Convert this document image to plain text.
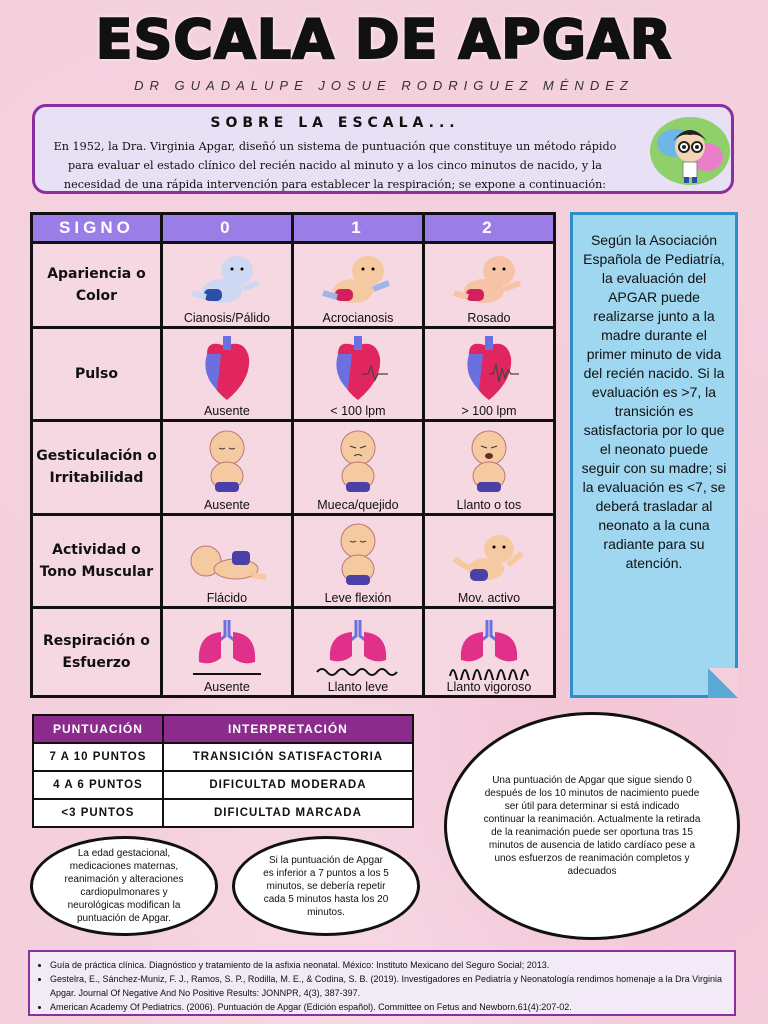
ESCALA DE APGAR
DR GUADALUPE JOSUE RODRIGUEZ MÉNDEZ
SOBRE LA ESCALA...

En 1952, la Dra. Virginia Apgar, diseñó un sistema de puntuación que constituye un método rápido para evaluar el estado clínico del recién nacido al minuto y a los cinco minutos de nacido, y la necesidad de una rápida intervención para establecer la respiración; se expone a continuación:

SIGNO	0	1	2
Apariencia o Color	Cianosis/Pálido	Acrocianosis	Rosado

Pulso	Ausente	< 100 lpm	> 100 lpm

Gesticulación o Irritabilidad	Ausente	Mueca/quejido	Llanto o tos

Actividad o Tono Muscular	Flácido	Leve flexión	Mov. activo

Respiración o Esfuerzo	Ausente	Llanto leve	Llanto vigoroso

Según la Asociación Española de Pediatría, la evaluación del APGAR puede realizarse junto a la madre durante el primer minuto de vida del recién nacido. Si la evaluación es >7, la transición es satisfactoria por lo que el neonato puede seguir con su madre; si la evaluación es <7, se deberá trasladar al neonato a la cuna radiante para su atención.

PUNTUACIÓN	INTERPRETACIÓN
7 A 10 PUNTOS	TRANSICIÓN SATISFACTORIA
4 A 6 PUNTOS	DIFICULTAD MODERADA
<3 PUNTOS	DIFICULTAD MARCADA
La edad gestacional, medicaciones maternas, reanimación y alteraciones cardiopulmonares y neurológicas modifican la puntuación de Apgar.
Si la puntuación de Apgar es inferior a 7 puntos a los 5 minutos, se debería repetir cada 5 minutos hasta los 20 minutos.
Una puntuación de Apgar que sigue siendo 0 después de los 10 minutos de nacimiento puede ser útil para determinar si está indicado continuar la reanimación. Actualmente la retirada de la reanimación puede ser oportuna tras 15 minutos de ausencia de latido cardíaco pese a unos esfuerzos de reanimación completos y adecuados
• Guía de práctica clínica. Diagnóstico y tratamiento de la asfixia neonatal. México: Instituto Mexicano del Seguro Social; 2013.
• Gestelra, E., Sánchez-Muniz, F. J., Ramos, S. P., Rodilla, M. E., & Codina, S. B. (2019). Investigadores en Pediatría y Neonatología rendimos homenaje a la Dra Virginia Apgar. Journal Of Negative And No Positive Results: JONNPR, 4(3), 387-397.
• American Academy Of Pediatrics. (2006). Puntuación de Apgar (Edición español). Committee on Fetus and Newborn.61(4):207-02.
